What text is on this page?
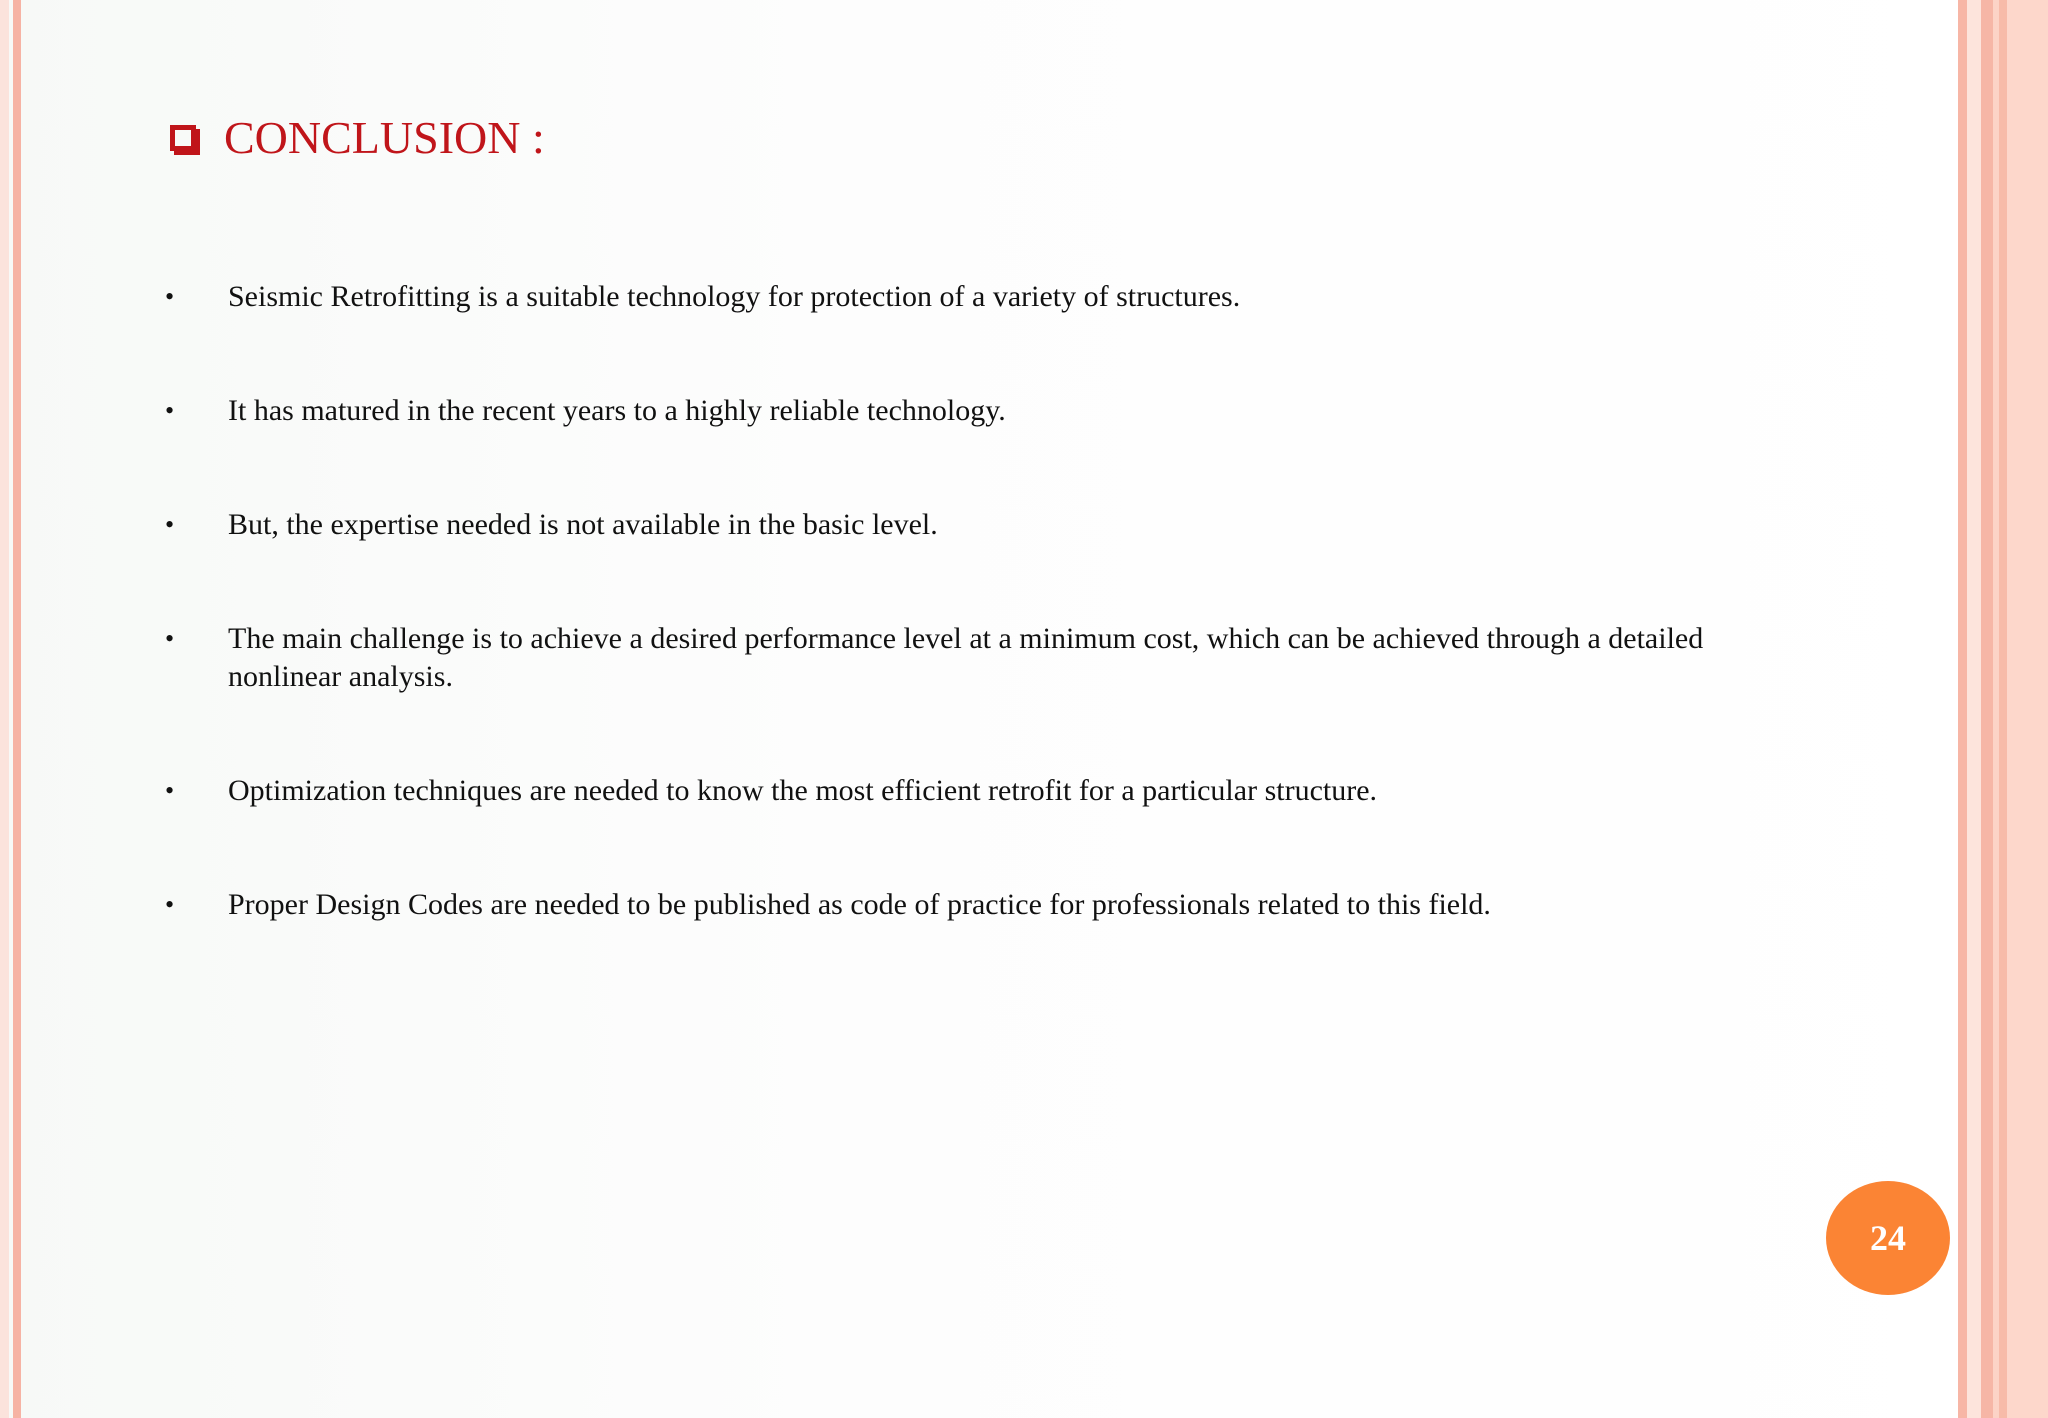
CONCLUSION :
•	Seismic Retrofitting is a suitable technology for protection of a variety of structures.
•	It has matured in the recent years to a highly reliable technology.
•	But, the expertise needed is not available in the basic level.
•	The main challenge is to achieve a desired performance level at a minimum cost, which can be achieved through a detailed nonlinear analysis.
•	Optimization techniques are needed to know the most efficient retrofit for a particular structure.
•	Proper Design Codes are needed to be published as code of practice for professionals related to this field.
24
